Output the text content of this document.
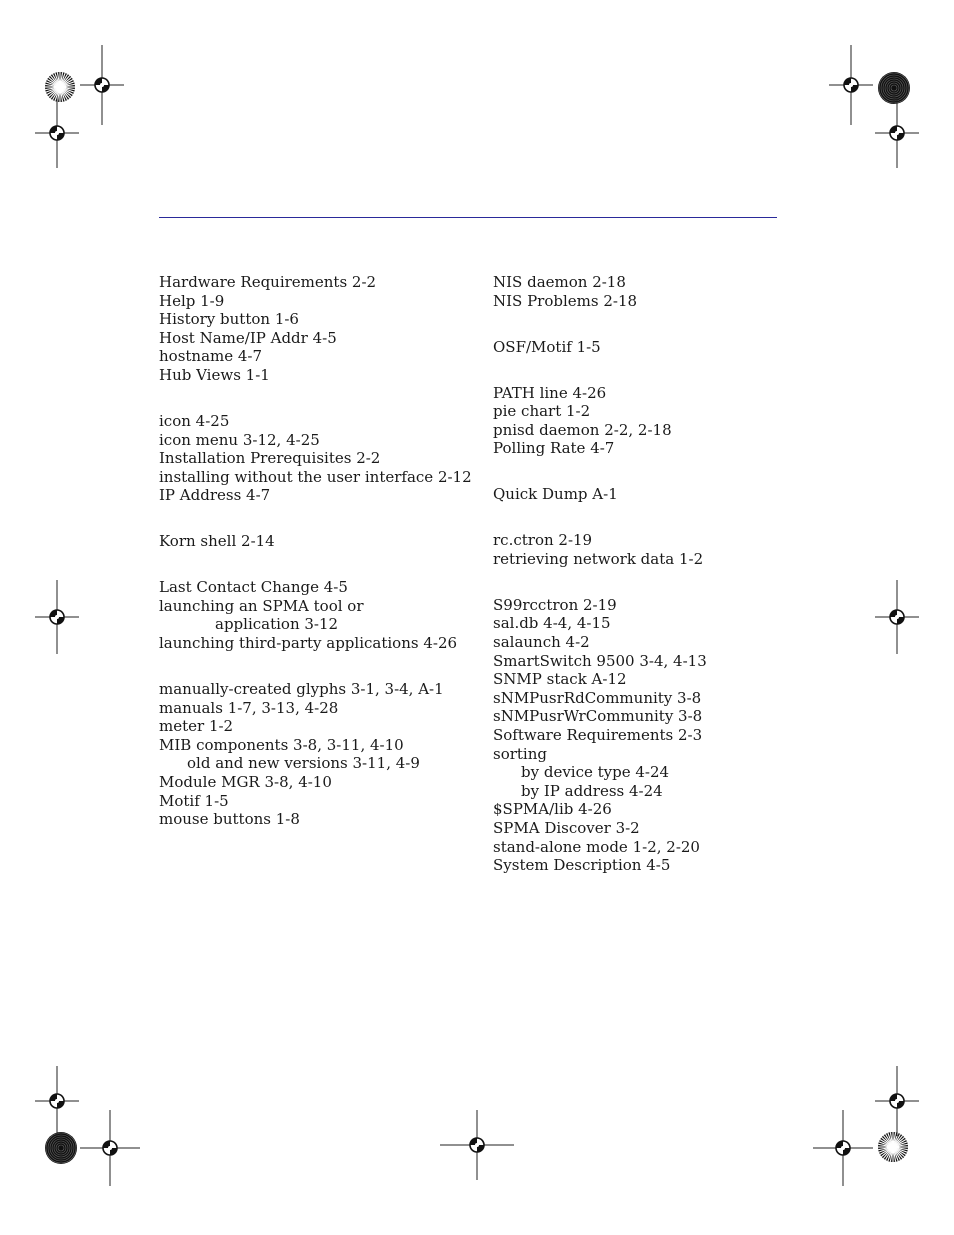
Hardware Requirements 2-2
Help 1-9
History button 1-6
Host Name/IP Addr 4-5
hostname 4-7
Hub Views 1-1
icon 4-25
icon menu 3-12, 4-25
Installation Prerequisites 2-2
installing without the user interface 2-12
IP Address 4-7
Korn shell 2-14
Last Contact Change 4-5
launching an SPMA tool or
application 3-12
launching third-party applications 4-26
manually-created glyphs 3-1, 3-4, A-1
manuals 1-7, 3-13, 4-28
meter 1-2
MIB components 3-8, 3-11, 4-10
old and new versions 3-11, 4-9
Module MGR 3-8, 4-10
Motif 1-5
mouse buttons 1-8
NIS daemon 2-18
NIS Problems 2-18
OSF/Motif 1-5
PATH line 4-26
pie chart 1-2
pnisd daemon 2-2, 2-18
Polling Rate 4-7
Quick Dump A-1
rc.ctron 2-19
retrieving network data 1-2
S99rcctron 2-19
sal.db 4-4, 4-15
salaunch 4-2
SmartSwitch 9500 3-4, 4-13
SNMP stack A-12
sNMPusrRdCommunity 3-8
sNMPusrWrCommunity 3-8
Software Requirements 2-3
sorting
by device type 4-24
by IP address 4-24
$SPMA/lib 4-26
SPMA Discover 3-2
stand-alone mode 1-2, 2-20
System Description 4-5
